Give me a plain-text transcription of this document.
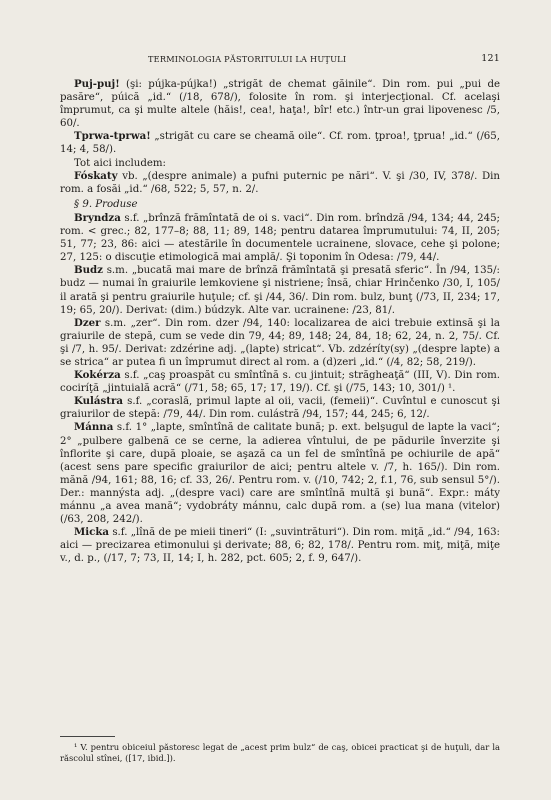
TERMINOLOGIA PĂSTORITULUI LA HUŢULI	121

Puj-puj! (şi: pújka-pújka!) „strigăt de chemat găinile“. Din rom. pui „pui de pasăre“, púică „id.“ (/18, 678/), folosite în rom. şi interjecţional. Cf. acelaşi împrumut, ca şi multe altele (hăis!, cea!, haţa!, bîr! etc.) într-un grai lipovenesc /5, 60/.

Tprwa-tprwa! „strigăt cu care se cheamă oile“. Cf. rom. ţproa!, ţprua! „id.“ (/65, 14; 4, 58/).

Tot aici includem:

Fóskaty vb. „(despre animale) a pufni puternic pe nări“. V. şi /30, IV, 378/. Din rom. a fosăi „id.“ /68, 522; 5, 57, n. 2/.

§ 9. Produse

Bryndza s.f. „brînză frămîntată de oi s. vaci“. Din rom. brîndză /94, 134; 44, 245; rom. < grec.; 82, 177–8; 88, 11; 89, 148; pentru datarea împrumutului: 74, II, 205; 51, 77; 23, 86: aici — atestările în documentele ucrainene, slovace, cehe şi polone; 27, 125: o discuţie etimologică mai amplă/. Şi toponim în Odesa: /79, 44/.

Budz s.m. „bucată mai mare de brînză frămîntată şi presată sferic“. În /94, 135/: budz — numai în graiurile lemkoviene şi nistriene; însă, chiar Hrinčenko /30, I, 105/ il arată şi pentru graiurile huţule; cf. şi /44, 36/. Din rom. bulz, bunţ (/73, II, 234; 17, 19; 65, 20/). Derivat: (dim.) búdzyk. Alte var. ucrainene: /23, 81/.

Dzer s.m. „zer“. Din rom. dzer /94, 140: localizarea de aici trebuie extinsă şi la graiurile de stepă, cum se vede din 79, 44; 89, 148; 24, 84, 18; 62, 24, n. 2, 75/. Cf. şi /7, h. 95/. Derivat: zdzérine adj. „(lapte) stricat“. Vb. zdzéríty(sy) „(despre lapte) a se strica“ ar putea fi un împrumut direct al rom. a (d)zeri „id.“ (/4, 82; 58, 219/).

Kokérza s.f. „caş proaspăt cu smîntînă s. cu jintuit; străgheaţă“ (III, V). Din rom. cociríţă „jintuială acră“ (/71, 58; 65, 17; 17, 19/). Cf. şi (/75, 143; 10, 301/) ¹.

Kulástra s.f. „coraslă, primul lapte al oii, vacii, (femeii)“. Cuvîntul e cunoscut şi graiurilor de stepă: /79, 44/. Din rom. culástră /94, 157; 44, 245; 6, 12/.

Mánna s.f. 1° „lapte, smîntînă de calitate bună; p. ext. belşugul de lapte la vaci“; 2° „pulbere galbenă ce se cerne, la adierea vîntului, de pe pădurile înverzite şi înflorite şi care, după ploaie, se aşază ca un fel de smîntînă pe ochiurile de apă“ (acest sens pare specific graiurilor de aici; pentru altele v. /7, h. 165/). Din rom. mănă /94, 161; 88, 16; cf. 33, 26/. Pentru rom. v. (/10, 742; 2, f.1, 76, sub sensul 5°/). Der.: mannýsta adj. „(despre vaci) care are smîntînă multă şi bună“. Expr.: máty mánnu „a avea mană“; vydobráty mánnu, calc după rom. a (se) lua mana (vitelor) (/63, 208, 242/).

Micka s.f. „lînă de pe mieii tineri“ (I: „suvintrături“). Din rom. miţă „id.“ /94, 163: aici — precizarea etimonului şi derivate; 88, 6; 82, 178/. Pentru rom. miţ, miţă, miţe v., d. p., (/17, 7; 73, II, 14; I, h. 282, pct. 605; 2, f. 9, 647/).

¹ V. pentru obiceiul păstoresc legat de „acest prim bulz“ de caş, obicei practicat şi de huţuli, dar la răscolul stînei, ([17, ibid.]).
